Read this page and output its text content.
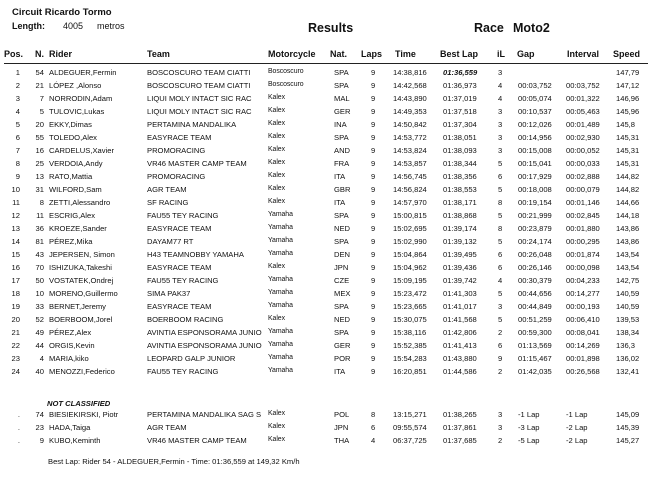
Circuit Ricardo Tormo
Length: 4005 metros	Results	Race Moto2
Pos. N. Rider	Team	Motorcycle Nat. Laps Time	Best Lap iL Gap	Interval Speed
1	54 ALDEGUER,Fermin	BOSCOSCURO TEAM CIATTI	Boscoscuro	SPA	9	14:38,816	01:36,559	3	147,79
2	21 LÓPEZ ,Alonso	BOSCOSCURO TEAM CIATTI	Boscoscuro	SPA	9	14:42,568	01:36,973	4	00:03,752	00:03,752	147,12
3	7 NORRODIN,Adam	LIQUI MOLY INTACT SIC RAC	Kalex	MAL	9	14:43,890	01:37,019	4	00:05,074	00:01,322	146,96
4	5 TULOVIC,Lukas	LIQUI MOLY INTACT SIC RAC	Kalex	GER	9	14:49,353	01:37,518	3	00:10,537	00:05,463	145,96
5	20 EKKY,Dimas	PERTAMINA MANDALIKA	Kalex	INA	9	14:50,842	01:37,304	3	00:12,026	00:01,489	145,8
6	55 TOLEDO,Alex	EASYRACE TEAM	Kalex	SPA	9	14:53,772	01:38,051	3	00:14,956	00:02,930	145,31
7	16 CARDELUS,Xavier	PROMORACING	Kalex	AND	9	14:53,824	01:38,093	3	00:15,008	00:00,052	145,31
8	25 VERDOIA,Andy	VR46 MASTER CAMP TEAM	Kalex	FRA	9	14:53,857	01:38,344	5	00:15,041	00:00,033	145,31
9	13 RATO,Mattia	PROMORACING	Kalex	ITA	9	14:56,745	01:38,356	6	00:17,929	00:02,888	144,82
10	31 WILFORD,Sam	AGR TEAM	Kalex	GBR	9	14:56,824	01:38,553	5	00:18,008	00:00,079	144,82
11	8 ZETTI,Alessandro	SF RACING	Kalex	ITA	9	14:57,970	01:38,171	8	00:19,154	00:01,146	144,66
12	11 ESCRIG,Alex	FAU55 TEY RACING	Yamaha	SPA	9	15:00,815	01:38,868	5	00:21,999	00:02,845	144,18
13	36 KROEZE,Sander	EASYRACE TEAM	Yamaha	NED	9	15:02,695	01:39,174	8	00:23,879	00:01,880	143,86
14	81 PÉREZ,Mika	DAYAM77 RT	Yamaha	SPA	9	15:02,990	01:39,132	5	00:24,174	00:00,295	143,86
15	43 JEPERSEN, Simon	H43 TEAMNOBBY YAMAHA	Yamaha	DEN	9	15:04,864	01:39,495	6	00:26,048	00:01,874	143,54
16	70 ISHIZUKA,Takeshi	EASYRACE TEAM	Kalex	JPN	9	15:04,962	01:39,436	6	00:26,146	00:00,098	143,54
17	50 VOSTATEK,Ondrej	FAU55 TEY RACING	Yamaha	CZE	9	15:09,195	01:39,742	4	00:30,379	00:04,233	142,75
18	10 MORENO,Guillermo	SIMA PAK37	Yamaha	MEX	9	15:23,472	01:41,303	5	00:44,656	00:14,277	140,59
19	33 BERNET,Jeremy	EASYRACE TEAM	Yamaha	SPA	9	15:23,665	01:41,017	3	00:44,849	00:00,193	140,59
20	52 BOERBOOM,Jorel	BOERBOOM RACING	Kalex	NED	9	15:30,075	01:41,568	5	00:51,259	00:06,410	139,53
21	49 PÉREZ,Alex	AVINTIA ESPONSORAMA JUNIO Yamaha	SPA	9	15:38,116	01:42,806	2	00:59,300	00:08,041	138,34
22	44 ORGIS,Kevin	AVINTIA ESPONSORAMA JUNIO Yamaha	GER	9	15:52,385	01:41,413	6	01:13,569	00:14,269	136,3
23	4 MARIA,kiko	LEOPARD GALP JUNIOR	Yamaha	POR	9	15:54,283	01:43,880	9	01:15,467	00:01,898	136,02
24	40 MENOZZI,Federico	FAU55 TEY RACING	Yamaha	ITA	9	16:20,851	01:44,586	2	01:42,035	00:26,568	132,41
.	74 BIESIEKIRSKI, Piotr	PERTAMINA MANDALIKA SAG S	Kalex	POL	8	13:15,271	01:38,265	3	-1 Lap	-1 Lap	145,09
.	23 HADA,Taiga	AGR TEAM	Kalex	JPN	6	09:55,574	01:37,861	3	-3 Lap	-2 Lap	145,39
.	9 KUBO,Keminth	VR46 MASTER CAMP TEAM	Kalex	THA	4	06:37,725	01:37,685	2	-5 Lap	-2 Lap	145,27
NOT CLASSIFIED
Best Lap: Rider 54 - ALDEGUER,Fermin - Time: 01:36,559 at 149,32 Km/h
